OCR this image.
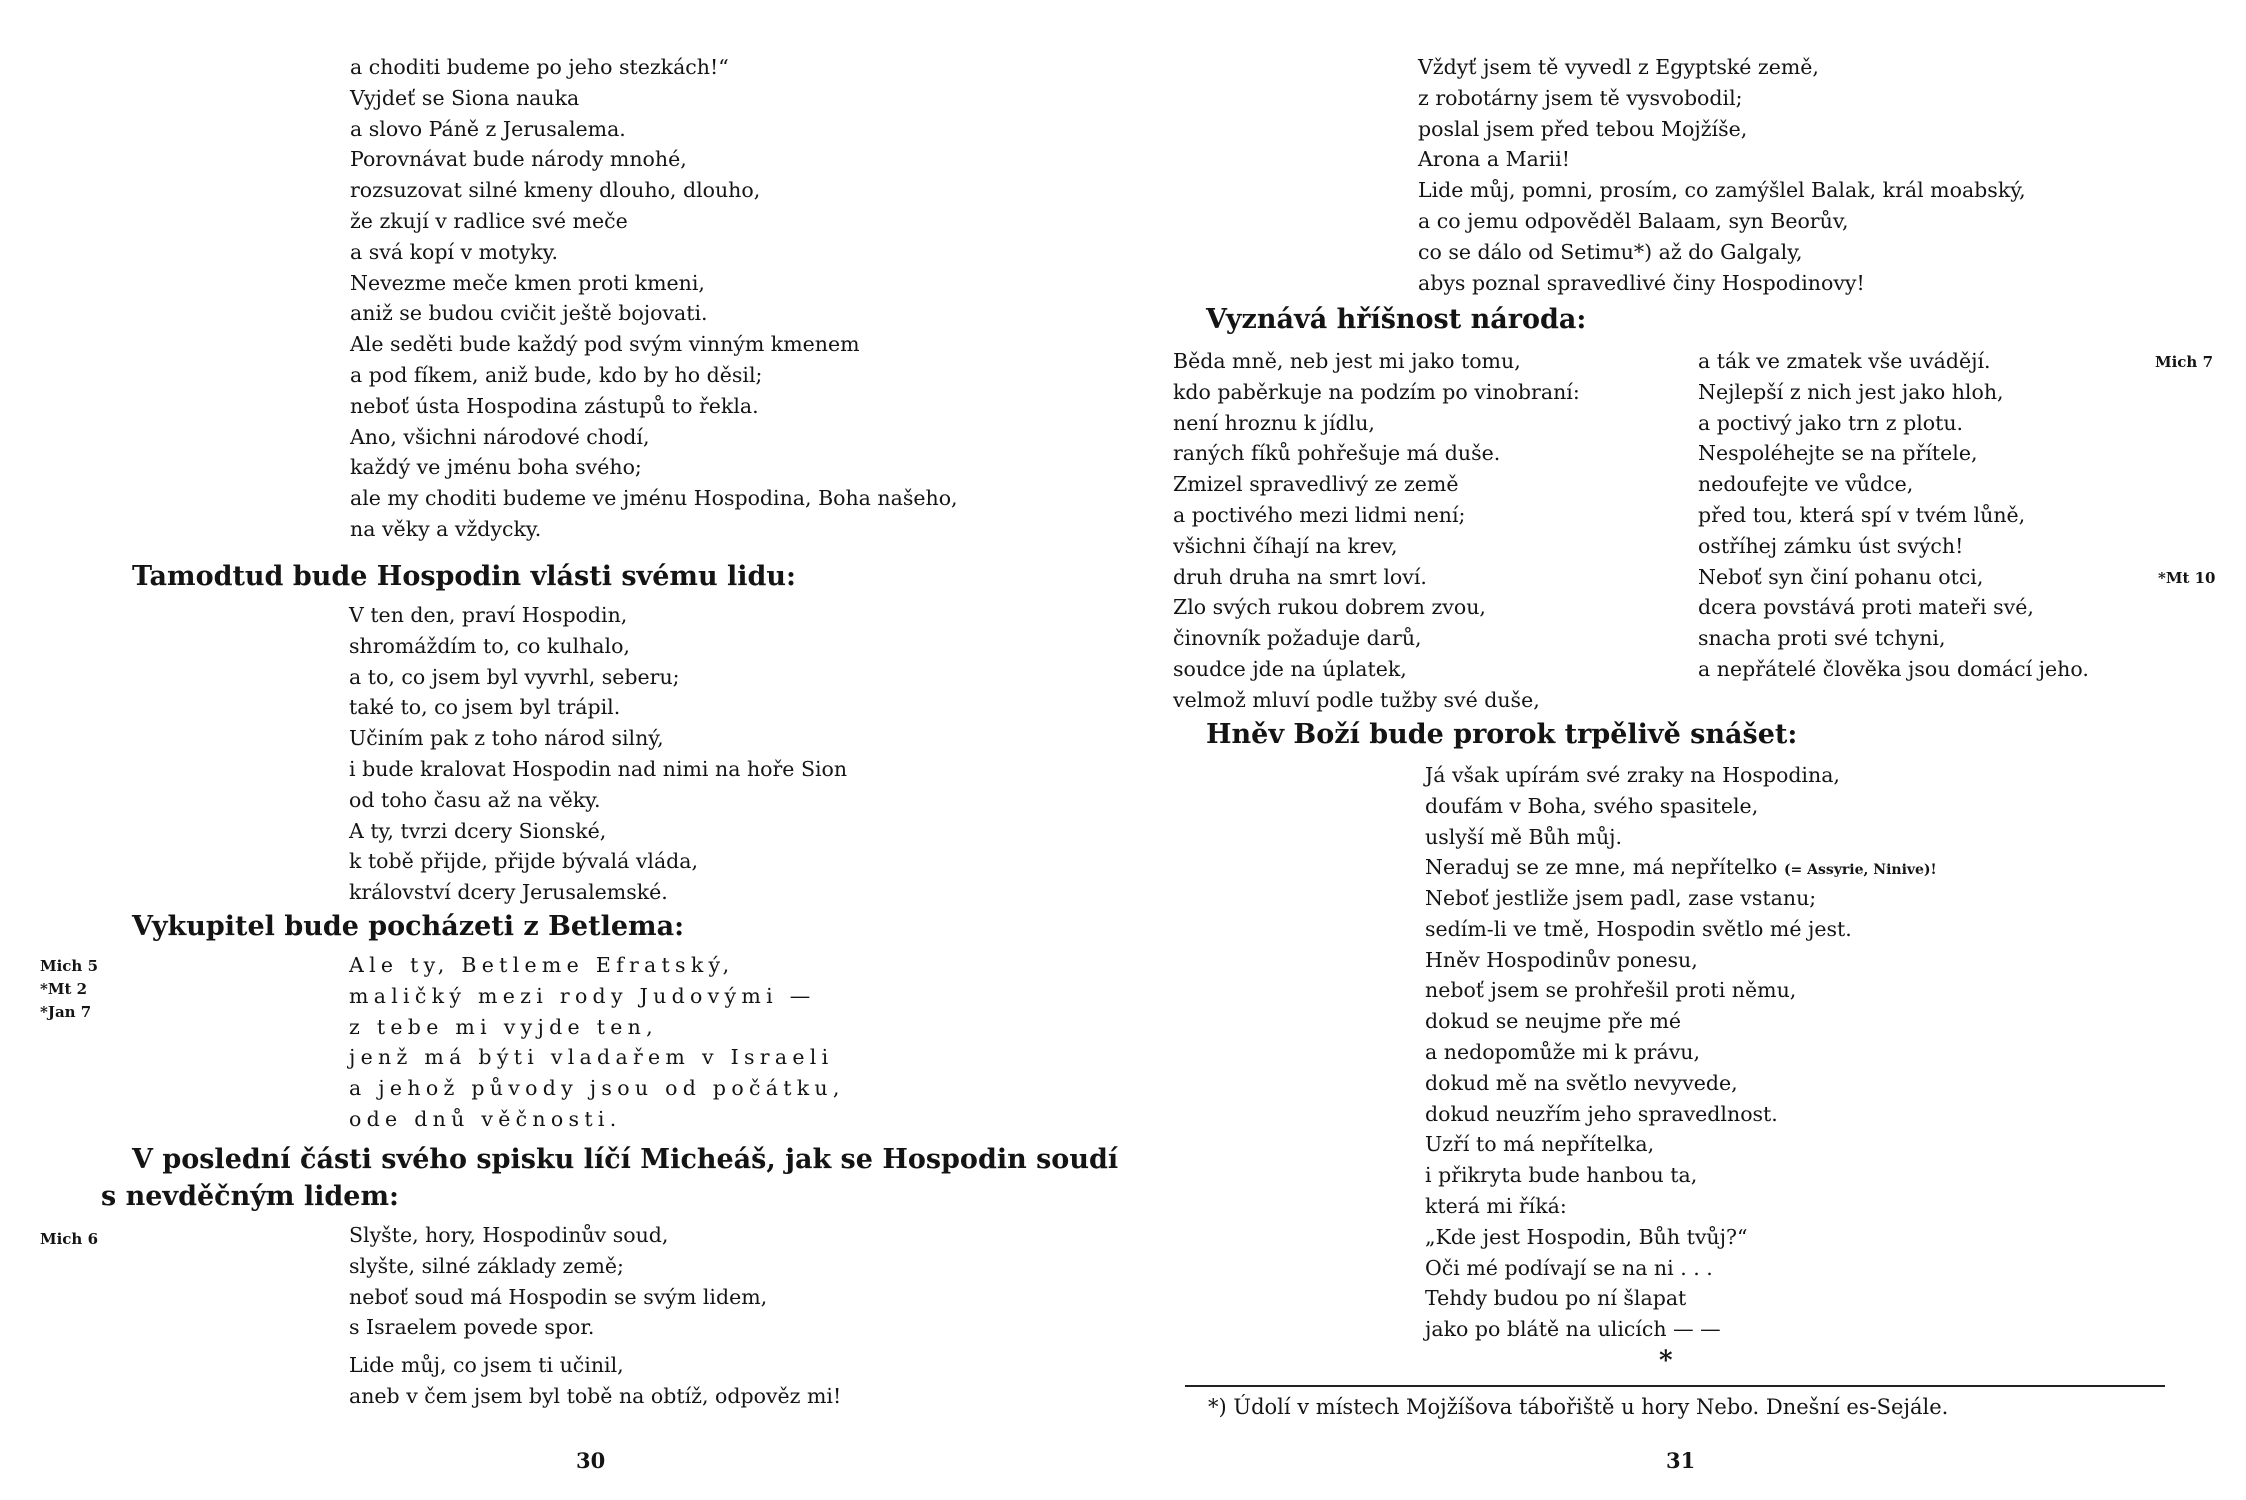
a choditi budeme po jeho stezkách!“
Vyjdeť se Siona nauka
a slovo Páně z Jerusalema.
Porovnávat bude národy mnohé,
rozsuzovat silné kmeny dlouho, dlouho,
že zkují v radlice své meče
a svá kopí v motyky.
Nevezme meče kmen proti kmeni,
aniž se budou cvičit ještě bojovati.
Ale seděti bude každý pod svým vinným kmenem
a pod fíkem, aniž bude, kdo by ho děsil;
neboť ústa Hospodina zástupů to řekla.
Ano, všichni národové chodí,
každý ve jménu boha svého;
ale my choditi budeme ve jménu Hospodina, Boha našeho,
na věky a vždycky.
Tamodtud bude Hospodin vlásti svému lidu:
V ten den, praví Hospodin,
shromáždím to, co kulhalo,
a to, co jsem byl vyvrhl, seberu;
také to, co jsem byl trápil.
Učiním pak z toho národ silný,
i bude kralovat Hospodin nad nimi na hoře Sion
od toho času až na věky.
A ty, tvrzi dcery Sionské,
k tobě přijde, přijde bývalá vláda,
království dcery Jerusalemské.
Vykupitel bude pocházeti z Betlema:
Mich 5
*Mt 2
*Jan 7
Ale ty, Betleme Efratský,
maličký mezi rody Judovými —
z tebe mi vyjde ten,
jenž má býti vladařem v Israeli
a jehož původy jsou od počátku,
ode dnů věčnosti.
V poslední části svého spisku líčí Micheáš, jak se Hospodin soudí
s nevděčným lidem:
Mich 6	Slyšte, hory, Hospodinův soud,
slyšte, silné základy země;
neboť soud má Hospodin se svým lidem,
s Israelem povede spor.
Lide můj, co jsem ti učinil,
aneb v čem jsem byl tobě na obtíž, odpověz mi!
30
Vždyť jsem tě vyvedl z Egyptské země,
z robotárny jsem tě vysvobodil;
poslal jsem před tebou Mojžíše,
Arona a Marii!
Lide můj, pomni, prosím, co zamýšlel Balak, král moabský,
a co jemu odpověděl Balaam, syn Beorův,
co se dálo od Setimu*) až do Galgaly,
abys poznal spravedlivé činy Hospodinovy!
Vyznává hříšnost národa:
Běda mně, neb jest mi jako tomu,
kdo paběrkuje na podzím po vinobraní:
není hroznu k jídlu,
raných fíků pohřešuje má duše.
Zmizel spravedlivý ze země
a poctivého mezi lidmi není;
všichni číhají na krev,
druh druha na smrt loví.
Zlo svých rukou dobrem zvou,
činovník požaduje darů,
soudce jde na úplatek,
velmož mluví podle tužby své duše,
a ták ve zmatek vše uvádějí.
Nejlepší z nich jest jako hloh,
a poctivý jako trn z plotu.
Nespoléhejte se na přítele,
nedoufejte ve vůdce,
před tou, která spí v tvém lůně,
ostříhej zámku úst svých!
Neboť syn činí pohanu otci,
dcera povstává proti mateři své,
snacha proti své tchyni,
a nepřátelé člověka jsou domácí jeho.
Mich 7
*Mt 10
Hněv Boží bude prorok trpělivě snášet:
Já však upírám své zraky na Hospodina,
doufám v Boha, svého spasitele,
uslyší mě Bůh můj.
Neraduj se ze mne, má nepřítelko (= Assyrie, Ninive)!
Neboť jestliže jsem padl, zase vstanu;
sedím-li ve tmě, Hospodin světlo mé jest.
Hněv Hospodinův ponesu,
neboť jsem se prohřešil proti němu,
dokud se neujme pře mé
a nedopomůže mi k právu,
dokud mě na světlo nevyvede,
dokud neuzřím jeho spravedlnost.
Uzří to má nepřítelka,
i přikryta bude hanbou ta,
která mi říká:
„Kde jest Hospodin, Bůh tvůj?“
Oči mé podívají se na ni . . .
Tehdy budou po ní šlapat
jako po blátě na ulicích — —
*
*) Údolí v místech Mojžíšova tábořiště u hory Nebo. Dnešní es-Sejále.
31
